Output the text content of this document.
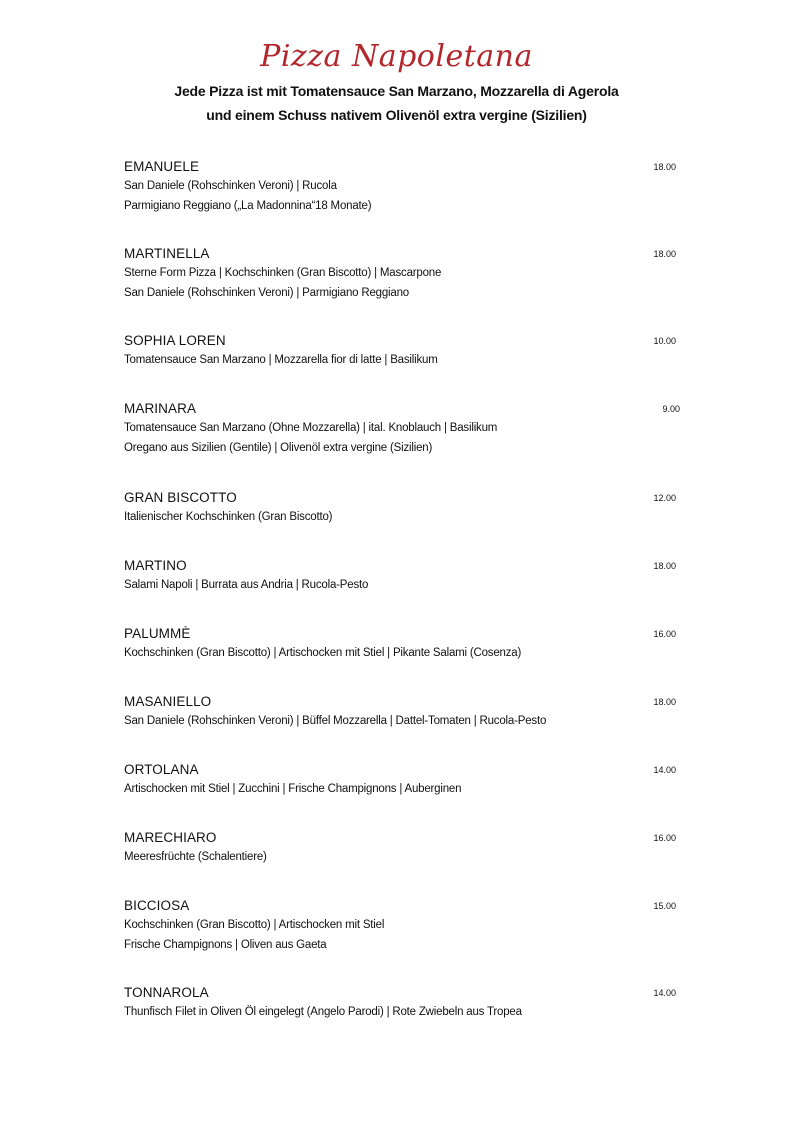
Pizza Napoletana
Jede Pizza ist mit Tomatensauce San Marzano, Mozzarella di Agerola
und einem Schuss nativem Olivenöl extra vergine (Sizilien)
EMANUELE	18.00
San Daniele (Rohschinken Veroni) | Rucola
Parmigiano Reggiano („La Madonnina“18 Monate)
MARTINELLA	18.00
Sterne Form Pizza | Kochschinken (Gran Biscotto) | Mascarpone
San Daniele (Rohschinken Veroni) | Parmigiano Reggiano
SOPHIA LOREN	10.00
Tomatensauce San Marzano | Mozzarella fior di latte | Basilikum
MARINARA	9.00
Tomatensauce San Marzano (Ohne Mozzarella) | ital. Knoblauch | Basilikum
Oregano aus Sizilien (Gentile) | Olivenöl extra vergine (Sizilien)
GRAN BISCOTTO	12.00
Italienischer Kochschinken (Gran Biscotto)
MARTINO	18.00
Salami Napoli | Burrata aus Andria | Rucola-Pesto
PALUMMÈ	16.00
Kochschinken (Gran Biscotto) | Artischocken mit Stiel | Pikante Salami (Cosenza)
MASANIELLO	18.00
San Daniele (Rohschinken Veroni) | Büffel Mozzarella | Dattel-Tomaten | Rucola-Pesto
ORTOLANA	14.00
Artischocken mit Stiel | Zucchini | Frische Champignons | Auberginen
MARECHIARO	16.00
Meeresfrüchte (Schalentiere)
BICCIOSA	15.00
Kochschinken (Gran Biscotto) | Artischocken mit Stiel
Frische Champignons | Oliven aus Gaeta
TONNAROLA	14.00
Thunfisch Filet in Oliven Öl eingelegt (Angelo Parodi) | Rote Zwiebeln aus Tropea
